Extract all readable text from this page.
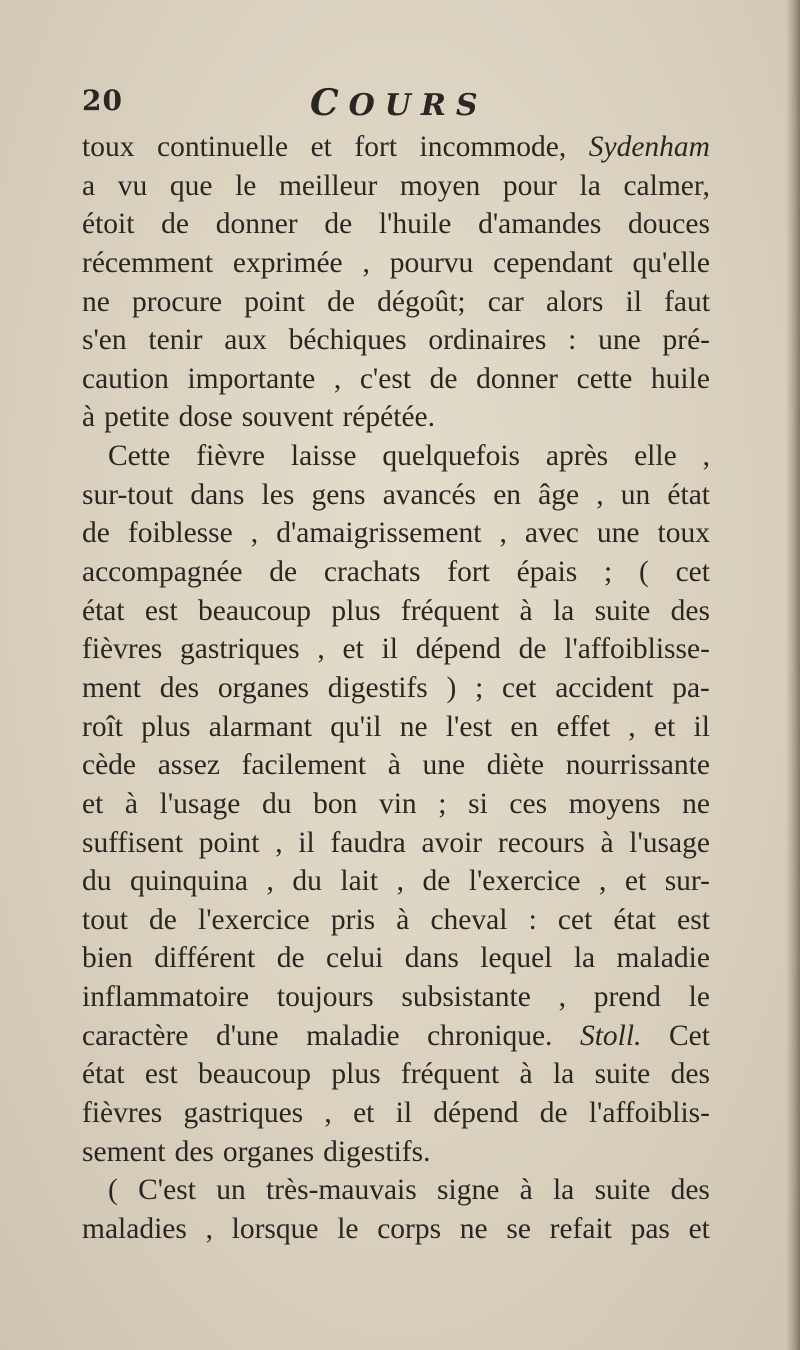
20	COURS
toux continuelle et fort incommode, Sydenham
a vu que le meilleur moyen pour la calmer,
étoit de donner de l'huile d'amandes douces
récemment exprimée , pourvu cependant qu'elle
ne procure point de dégoût; car alors il faut
s'en tenir aux béchiques ordinaires : une pré-
caution importante , c'est de donner cette huile
à petite dose souvent répétée.
Cette fièvre laisse quelquefois après elle ,
sur-tout dans les gens avancés en âge , un état
de foiblesse , d'amaigrissement , avec une toux
accompagnée de crachats fort épais ; ( cet
état est beaucoup plus fréquent à la suite des
fièvres gastriques , et il dépend de l'affoiblisse-
ment des organes digestifs ) ; cet accident pa-
roît plus alarmant qu'il ne l'est en effet , et il
cède assez facilement à une diète nourrissante
et à l'usage du bon vin ; si ces moyens ne
suffisent point , il faudra avoir recours à l'usage
du quinquina , du lait , de l'exercice , et sur-
tout de l'exercice pris à cheval : cet état est
bien différent de celui dans lequel la maladie
inflammatoire toujours subsistante , prend le
caractère d'une maladie chronique. Stoll. Cet
état est beaucoup plus fréquent à la suite des
fièvres gastriques , et il dépend de l'affoiblis-
sement des organes digestifs.
( C'est un très-mauvais signe à la suite des
maladies , lorsque le corps ne se refait pas et
